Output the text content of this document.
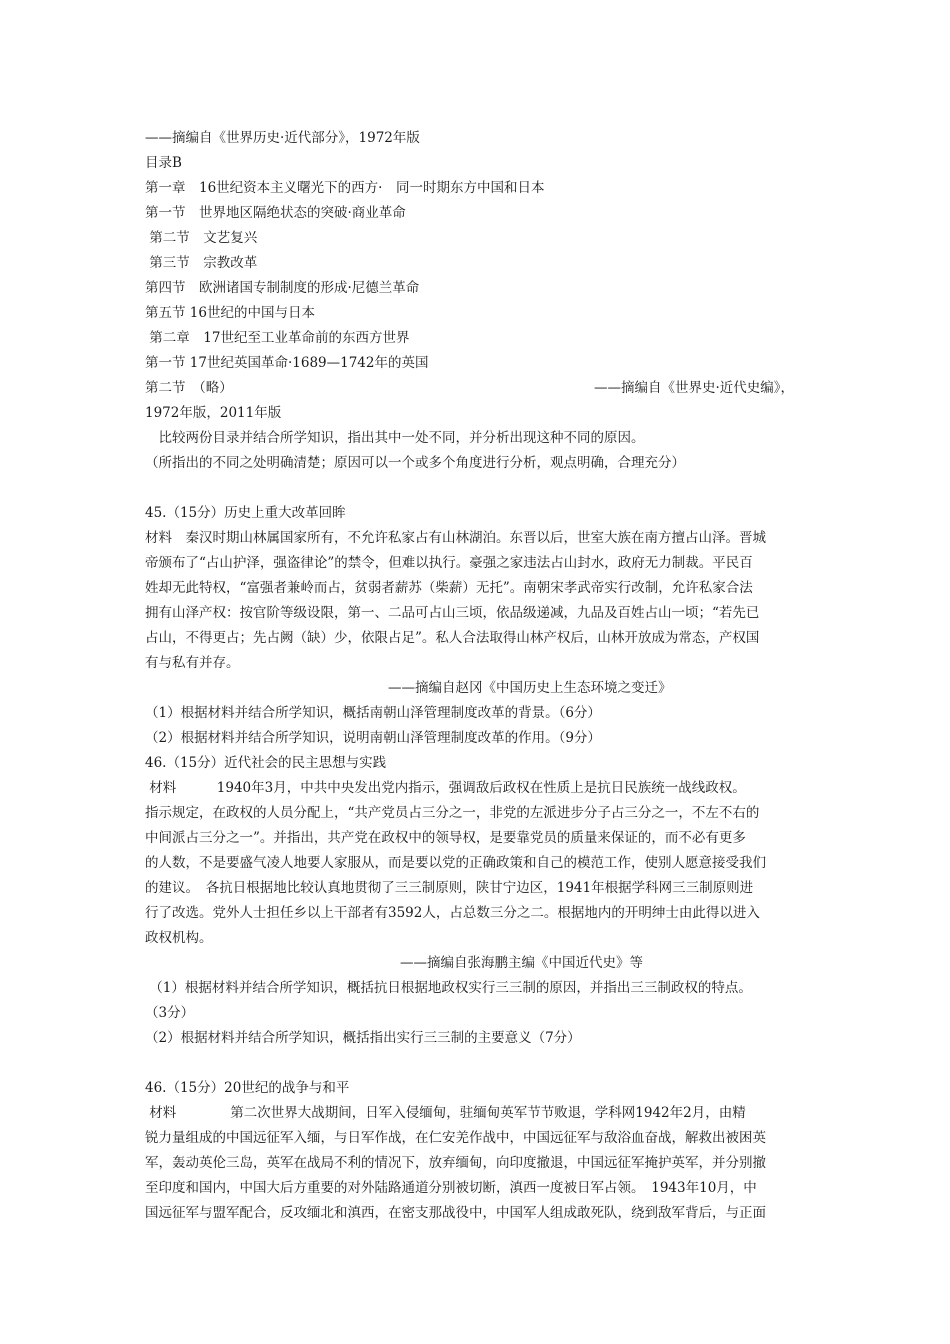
——摘编自《世界历史·近代部分》，1972年版
目录B
第一章　16世纪资本主义曙光下的西方·　同一时期东方中国和日本
第一节　世界地区隔绝状态的突破·商业革命
第二节　文艺复兴
第三节　宗教改革
第四节　欧洲诸国专制制度的形成·尼德兰革命
第五节 16世纪的中国与日本
第二章　17世纪至工业革命前的东西方世界
第一节 17世纪英国革命·1689—1742年的英国
第二节　（略）	——摘编自《世界史·近代史编》，
1972年版，2011年版
　比较两份目录并结合所学知识，指出其中一处不同，并分析出现这种不同的原因。
（所指出的不同之处明确清楚；原因可以一个或多个角度进行分析，观点明确，合理充分）
45.（15分）历史上重大改革回眸
材料　秦汉时期山林属国家所有，不允许私家占有山林湖泊。东晋以后，世室大族在南方擅占山泽。晋城
帝颁布了“占山护泽，强盗律论”的禁令，但难以执行。豪强之家违法占山封水，政府无力制裁。平民百
姓却无此特权，“富强者兼岭而占，贫弱者薪苏（柴薪）无托”。南朝宋孝武帝实行改制，允许私家合法
拥有山泽产权：按官阶等级设限，第一、二品可占山三顷，依品级递减，九品及百姓占山一顷；“若先已
占山，不得更占；先占阙（缺）少，依限占足”。私人合法取得山林产权后，山林开放成为常态，产权国
有与私有并存。
——摘编自赵冈《中国历史上生态环境之变迁》
（1）根据材料并结合所学知识，概括南朝山泽管理制度改革的背景。（6分）
（2）根据材料并结合所学知识，说明南朝山泽管理制度改革的作用。（9分）
46.（15分）近代社会的民主思想与实践
材料　　　1940年3月，中共中央发出党内指示，强调敌后政权在性质上是抗日民族统一战线政权。
指示规定，在政权的人员分配上，“共产党员占三分之一，非党的左派进步分子占三分之一，不左不右的
中间派占三分之一”。并指出，共产党在政权中的领导权，是要靠党员的质量来保证的，而不必有更多
的人数，不是要盛气凌人地要人家服从，而是要以党的正确政策和自己的模范工作，使别人愿意接受我们
的建议。　各抗日根据地比较认真地贯彻了三三制原则，陕甘宁边区，1941年根据学科网三三制原则进
行了改选。党外人士担任乡以上干部者有3592人，占总数三分之二。根据地内的开明绅士由此得以进入
政权机构。
——摘编自张海鹏主编《中国近代史》等
（1）根据材料并结合所学知识，概括抗日根据地政权实行三三制的原因，并指出三三制政权的特点。
（3分）
（2）根据材料并结合所学知识，概括指出实行三三制的主要意义（7分）
46.（15分）20世纪的战争与和平
材料　　　　第二次世界大战期间，日军入侵缅甸，驻缅甸英军节节败退，学科网1942年2月，由精
锐力量组成的中国远征军入缅，与日军作战，在仁安羌作战中，中国远征军与敌浴血奋战，解救出被困英
军，轰动英伦三岛，英军在战局不利的情况下，放弃缅甸，向印度撤退，中国远征军掩护英军，并分别撤
至印度和国内，中国大后方重要的对外陆路通道分别被切断，滇西一度被日军占领。　1943年10月，中
国远征军与盟军配合，反攻缅北和滇西，在密支那战役中，中国军人组成敢死队，绕到敌军背后，与正面
